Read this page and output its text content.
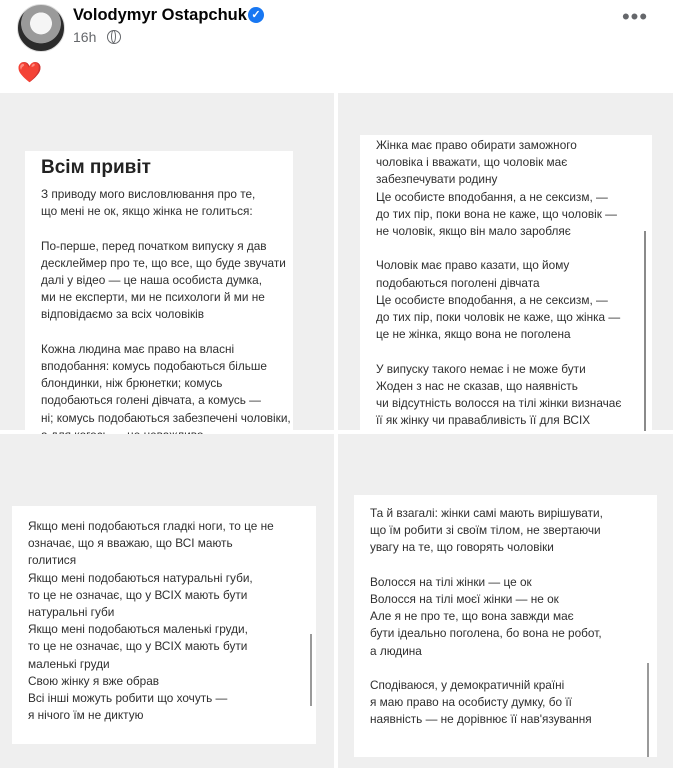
Volodymyr Ostapchuk ✓
16h
•••
❤️
Всім привіт
З приводу мого висловлювання про те,
що мені не ок, якщо жінка не голиться:

По-перше, перед початком випуску я дав
десклеймер про те, що все, що буде звучати
далі у відео — це наша особиста думка,
ми не експерти, ми не психологи й ми не
відповідаємо за всіх чоловіків

Кожна людина має право на власні
вподобання: комусь подобаються більше
блондинки, ніж брюнетки; комусь
подобаються голені дівчата, а комусь —
ні; комусь подобаються забезпечені чоловіки,

Жінка має право обирати заможного
чоловіка і вважати, що чоловік має
забезпечувати родину
Це особисте вподобання, а не сексизм, —
до тих пір, поки вона не каже, що чоловік —
не чоловік, якщо він мало заробляє

Чоловік має право казати, що йому
подобаються поголені дівчата
Це особисте вподобання, а не сексизм, —
до тих пір, поки чоловік не каже, що жінка —
це не жінка, якщо вона не поголена

У випуску такого немає і не може бути
Жоден з нас не сказав, що наявність
чи відсутність волосся на тілі жінки визначає
її як жінку чи правабливість її для ВСІХ
Якщо мені подобаються гладкі ноги, то це не
означає, що я вважаю, що ВСІ мають
голитися
Якщо мені подобаються натуральні губи,
то це не означає, що у ВСІХ мають бути
натуральні губи
Якщо мені подобаються маленькі груди,
то це не означає, що у ВСІХ мають бути
маленькі груди
Свою жінку я вже обрав
Всі інші можуть робити що хочуть —
я нічого їм не диктую
Та й взагалі: жінки самі мають вирішувати,
що їм робити зі своїм тілом, не звертаючи
увагу на те, що говорять чоловіки

Волосся на тілі жінки — це ок
Волосся на тілі моєї жінки — не ок
Але я не про те, що вона завжди має
бути ідеально поголена, бо вона не робот,
а людина

Сподіваюся, у демократичній країні
я маю право на особисту думку, бо її
наявність — не дорівнює її нав'язування
